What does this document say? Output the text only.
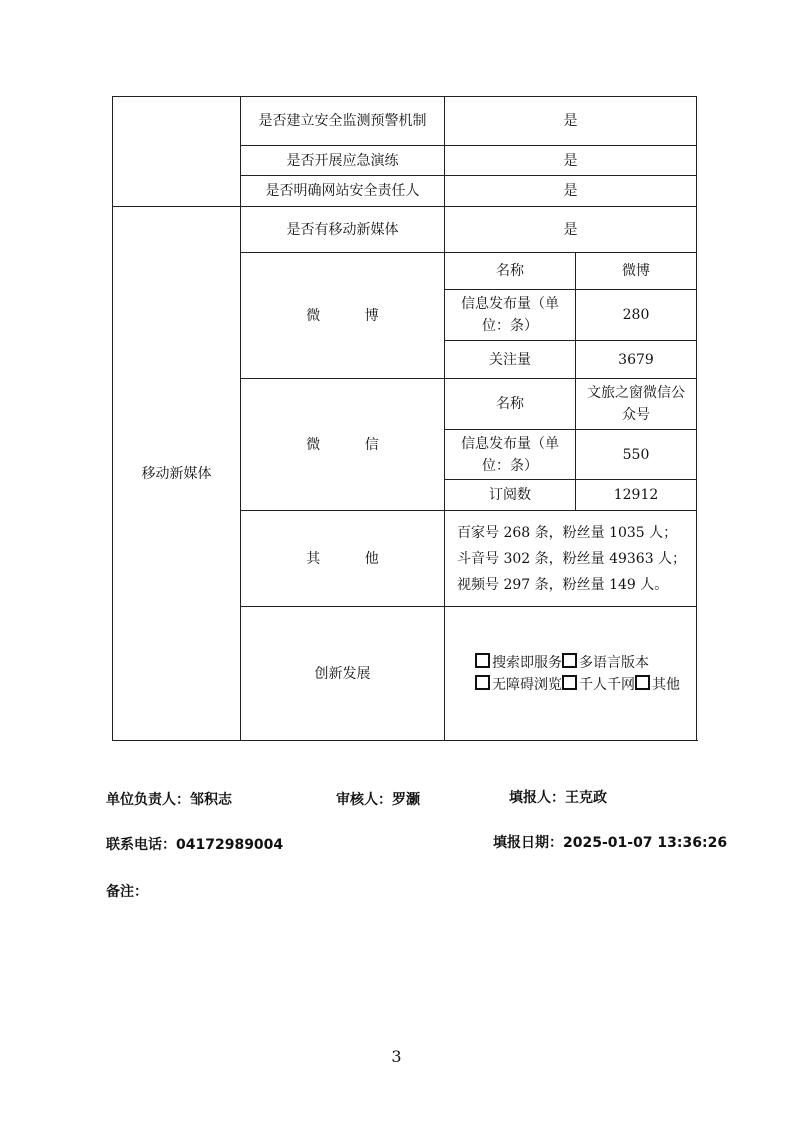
	是否建立安全监测预警机制	是	
	是否开展应急演练	是	
	是否明确网站安全责任人	是	
移动新媒体	是否有移动新媒体	是	
	微 博	名称	微博
		信息发布量（单位：条）	280
		关注量	3679
	微 信	名称	文旅之窗微信公众号
		信息发布量（单位：条）	550
		订阅数	12912
	其 他	百家号 268 条，粉丝量 1035 人；斗音号 302 条，粉丝量 49363 人；视频号 297 条，粉丝量 149 人。	
	创新发展	搜索即服务 多语言版本无障碍浏览 千人千网 其他	
单位负责人：邹积志	审核人：罗灏	填报人：王克政
联系电话：04172989004	填报日期：2025-01-07 13:36:26
备注：
3
